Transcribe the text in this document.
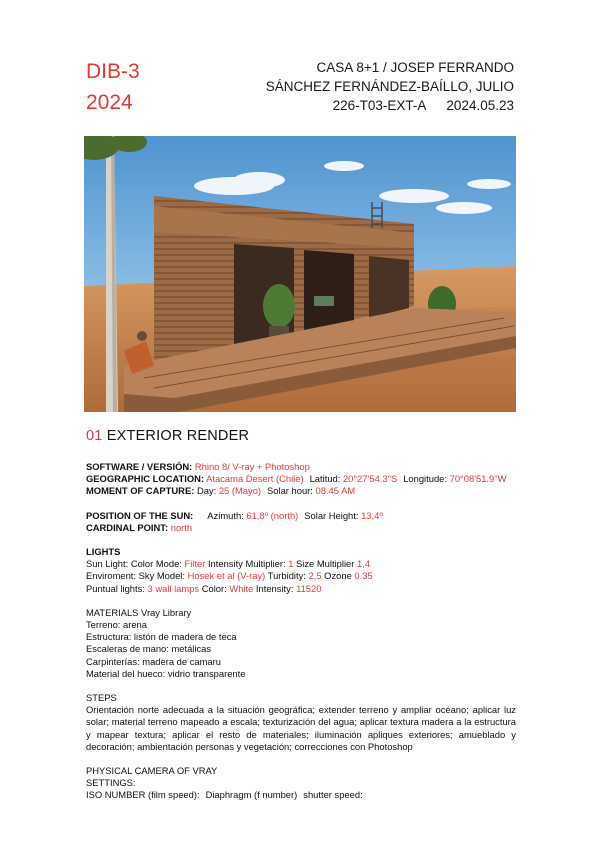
DIB-3
2024
CASA 8+1 / JOSEP FERRANDO
SÁNCHEZ FERNÁNDEZ-BAÍLLO, JULIO
226-T03-EXT-A 2024.05.23
01 EXTERIOR RENDER

SOFTWARE / VERSIÓN: Rhino 8/ V-ray + Photoshop

GEOGRAPHIC LOCATION: Atacama Desert (Chile) Latitud: 20°27'54.3"S Longitude: 70°08'51.9"W

MOMENT OF CAPTURE: Day: 25 (Mayo) Solar hour: 08.45 AM

POSITION OF THE SUN: Azimuth: 61,8º (north) Solar Height: 13,4º

CARDINAL POINT: north

LIGHTS

Sun Light: Color Mode: Filter Intensity Multiplier: 1 Size Multiplier 1,4

Enviroment: Sky Model: Hosek et al (V-ray) Turbidity: 2,5 Ozone 0.35

Puntual lights: 3 wall lamps Color: White Intensity: 11520

MATERIALS Vray Library

Terreno: arena

Estructura: listón de madera de teca

Escaleras de mano: metálicas

Carpinterías: madera de camaru

Material del hueco: vidrio transparente

STEPS

Orientación norte adecuada a la situación geográfica; extender terreno y ampliar océano; aplicar luz solar; material terreno mapeado a escala; texturización del agua; aplicar textura madera a la estructura y mapear textura; aplicar el resto de materiales; iluminación apliques exteriores; amueblado y decoración; ambientación personas y vegetación; correcciones con Photoshop

PHYSICAL CAMERA OF VRAY

SETTINGS:

ISO NUMBER (film speed): Diaphragm (f number) shutter speed:
